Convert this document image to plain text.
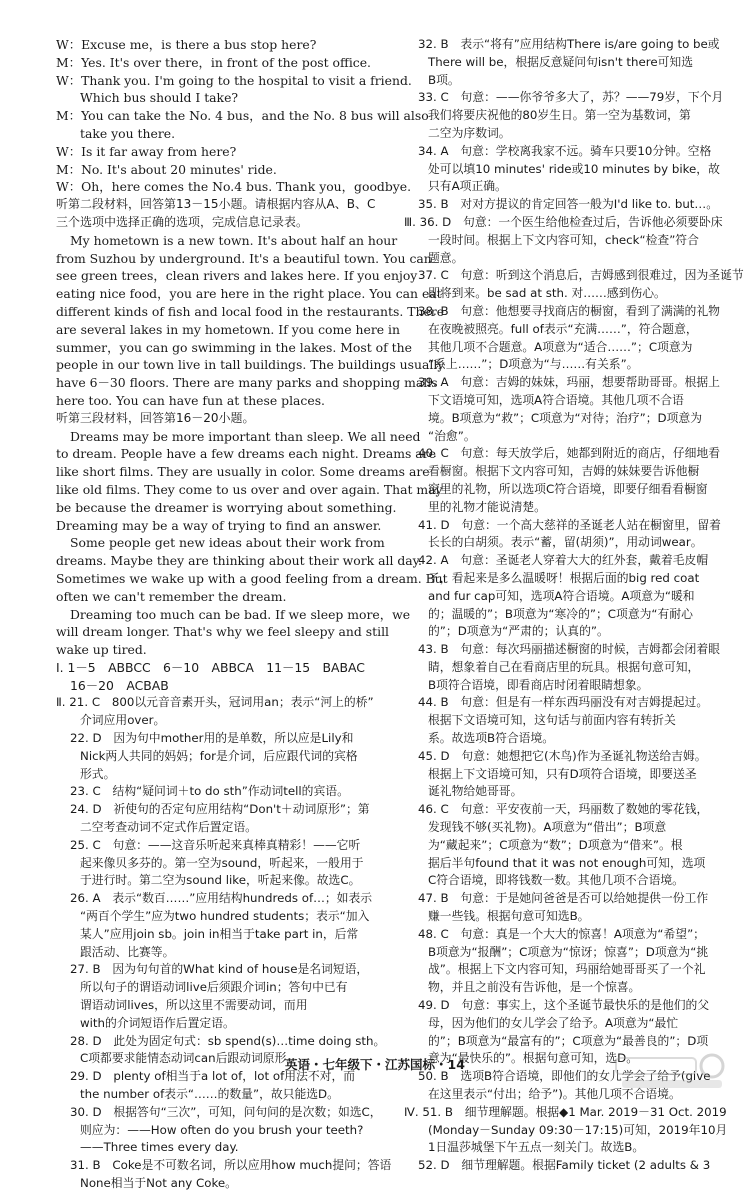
W：Excuse me，is there a bus stop here?
M：Yes. It's over there，in front of the post office.
W：Thank you. I'm going to the hospital to visit a friend.
Which bus should I take?
M：You can take the No. 4 bus，and the No. 8 bus will also
take you there.
W：Is it far away from here?
M：No. It's about 20 minutes' ride.
W：Oh，here comes the No.4 bus. Thank you，goodbye.
听第二段材料，回答第13－15小题。请根据内容从A、B、C
三个选项中选择正确的选项，完成信息记录表。
My hometown is a new town. It's about half an hour
from Suzhou by underground. It's a beautiful town. You can
see green trees，clean rivers and lakes here. If you enjoy
eating nice food，you are here in the right place. You can eat
different kinds of fish and local food in the restaurants. There
are several lakes in my hometown. If you come here in
summer，you can go swimming in the lakes. Most of the
people in our town live in tall buildings. The buildings usually
have 6－30 floors. There are many parks and shopping malls
here too. You can have fun at these places.
听第三段材料，回答第16－20小题。
Dreams may be more important than sleep. We all need
to dream. People have a few dreams each night. Dreams are
like short films. They are usually in color. Some dreams are
like old films. They come to us over and over again. That may
be because the dreamer is worrying about something.
Dreaming may be a way of trying to find an answer.
Some people get new ideas about their work from
dreams. Maybe they are thinking about their work all day.
Sometimes we wake up with a good feeling from a dream. But
often we can't remember the dream.
Dreaming too much can be bad. If we sleep more，we
will dream longer. That's why we feel sleepy and still
wake up tired.
Ⅰ. 1－5　ABBCC　6－10　ABBCA　11－15　BABAC
16－20　ACBAB
Ⅱ. 21. C　800以元音音素开头，冠词用an；表示“河上的桥”
介词应用over。
22. D　因为句中mother用的是单数，所以应是Lily和
Nick两人共同的妈妈；for是介词，后应跟代词的宾格
形式。
23. C　结构“疑问词＋to do sth”作动词tell的宾语。
24. D　祈使句的否定句应用结构“Don't＋动词原形”；第
二空考查动词不定式作后置定语。
25. C　句意：——这音乐听起来真棒真精彩！——它听
起来像贝多芬的。第一空为sound，听起来，一般用于
于进行时。第二空为sound like，听起来像。故选C。
26. A　表示“数百……”应用结构hundreds of…；如表示
“两百个学生”应为two hundred students；表示“加入
某人”应用join sb。join in相当于take part in，后常
跟活动、比赛等。
27. B　因为句句首的What kind of house是名词短语，
所以句子的谓语动词live后须跟介词in；答句中已有
谓语动词lives，所以这里不需要动词，而用
with的介词短语作后置定语。
28. D　此处为固定句式：sb spend(s)…time doing sth。
C项都要求能情态动词can后跟动词原形。
29. D　plenty of相当于a lot of，lot of用法不对，而
the number of表示“……的数量”，故只能选D。
30. D　根据答句“三次”，可知，问句问的是次数；如选C，
则应为：——How often do you brush your teeth?
——Three times every day.
31. B　Coke是不可数名词，所以应用how much提问；答语
None相当于Not any Coke。
32. B　表示“将有”应用结构There is/are going to be或
There will be，根据反意疑问句isn't there可知选
B项。
33. C　句意：——你爷爷多大了，苏？——79岁，下个月
我们将要庆祝他的80岁生日。第一空为基数词，第
二空为序数词。
34. A　句意：学校离我家不远。骑车只要10分钟。空格
处可以填10 minutes' ride或10 minutes by bike，故
只有A项正确。
35. B　对对方提议的肯定回答一般为I'd like to. but…。
Ⅲ. 36. D　句意：一个医生给他检查过后，告诉他必须要卧床
一段时间。根据上下文内容可知，check“检查”符合
题意。
37. C　句意：听到这个消息后，吉姆感到很难过，因为圣诞节
即将到来。be sad at sth. 对……感到伤心。
38. B　句意：他想要寻找商店的橱窗，看到了满满的礼物
在夜晚被照亮。full of表示“充满……”，符合题意，
其他几项不合题意。A项意为“适合……”；C项意为
“系上……”；D项意为“与……有关系”。
39. A　句意：吉姆的妹妹，玛丽，想要帮助哥哥。根据上
下文语境可知，选项A符合语境。其他几项不合语
境。B项意为“救”；C项意为“对待；治疗”；D项意为
“治愈”。
40. C　句意：每天放学后，她都到附近的商店，仔细地看
看橱窗。根据下文内容可知，吉姆的妹妹要告诉他橱
窗里的礼物，所以选项C符合语境，即要仔细看看橱窗
里的礼物才能说清楚。
41. D　句意：一个高大慈祥的圣诞老人站在橱窗里，留着
长长的白胡须。表示“蓄，留(胡须)”，用动词wear。
42. A　句意：圣诞老人穿着大大的红外套，戴着毛皮帽
子，看起来是多么温暖呀！根据后面的big red coat
and fur cap可知，选项A符合语境。A项意为“暖和
的；温暖的”；B项意为“寒冷的”；C项意为“有耐心
的”；D项意为“严肃的；认真的”。
43. B　句意：每次玛丽描述橱窗的时候，吉姆都会闭着眼
睛，想象着自己在看商店里的玩具。根据句意可知，
B项符合语境，即看商店时闭着眼睛想象。
44. B　句意：但是有一样东西玛丽没有对吉姆提起过。
根据下文语境可知，这句话与前面内容有转折关
系。故选项B符合语境。
45. D　句意：她想把它(木鸟)作为圣诞礼物送给吉姆。
根据上下文语境可知，只有D项符合语境，即要送圣
诞礼物给她哥哥。
46. C　句意：平安夜前一天，玛丽数了数她的零花钱，
发现钱不够(买礼物)。A项意为“借出”；B项意
为“藏起来”；C项意为“数”；D项意为“借来”。根
据后半句found that it was not enough可知，选项
C符合语境，即将钱数一数。其他几项不合语境。
47. B　句意：于是她问爸爸是否可以给她提供一份工作
赚一些钱。根据句意可知选B。
48. C　句意：真是一个大大的惊喜！A项意为“希望”；
B项意为“报酬”；C项意为“惊讶；惊喜”；D项意为“挑
战”。根据上下文内容可知，玛丽给她哥哥买了一个礼
物，并且之前没有告诉他，是一个惊喜。
49. D　句意：事实上，这个圣诞节最快乐的是他们的父
母，因为他们的女儿学会了给予。A项意为“最忙
的”；B项意为“最富有的”；C项意为“最善良的”；D项
意为“最快乐的”。根据句意可知，选D。
50. B　选项B符合语境，即他们的女儿学会了给予(give
在这里表示“付出；给予”)。其他几项不合语境。
Ⅳ. 51. B　细节理解题。根据◆1 Mar. 2019－31 Oct. 2019
(Monday－Sunday 09:30－17:15)可知，2019年10月
1日温莎城堡下午五点一刻关门。故选B。
52. D　细节理解题。根据Family ticket (2 adults & 3
英语・七年级下・江苏国标・14
